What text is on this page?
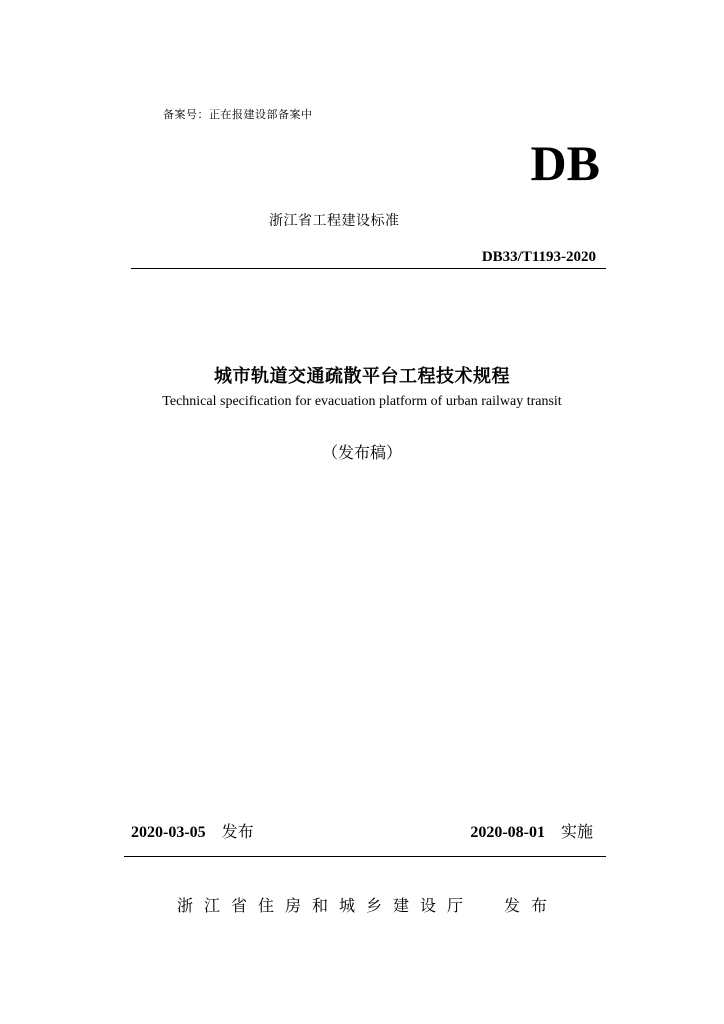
备案号：正在报建设部备案中
DB
浙江省工程建设标准
DB33/T1193-2020
城市轨道交通疏散平台工程技术规程
Technical specification for evacuation platform of urban railway transit
（发布稿）
2020-03-05 发布	2020-08-01 实施
浙江省住房和城乡建设厅 发布
